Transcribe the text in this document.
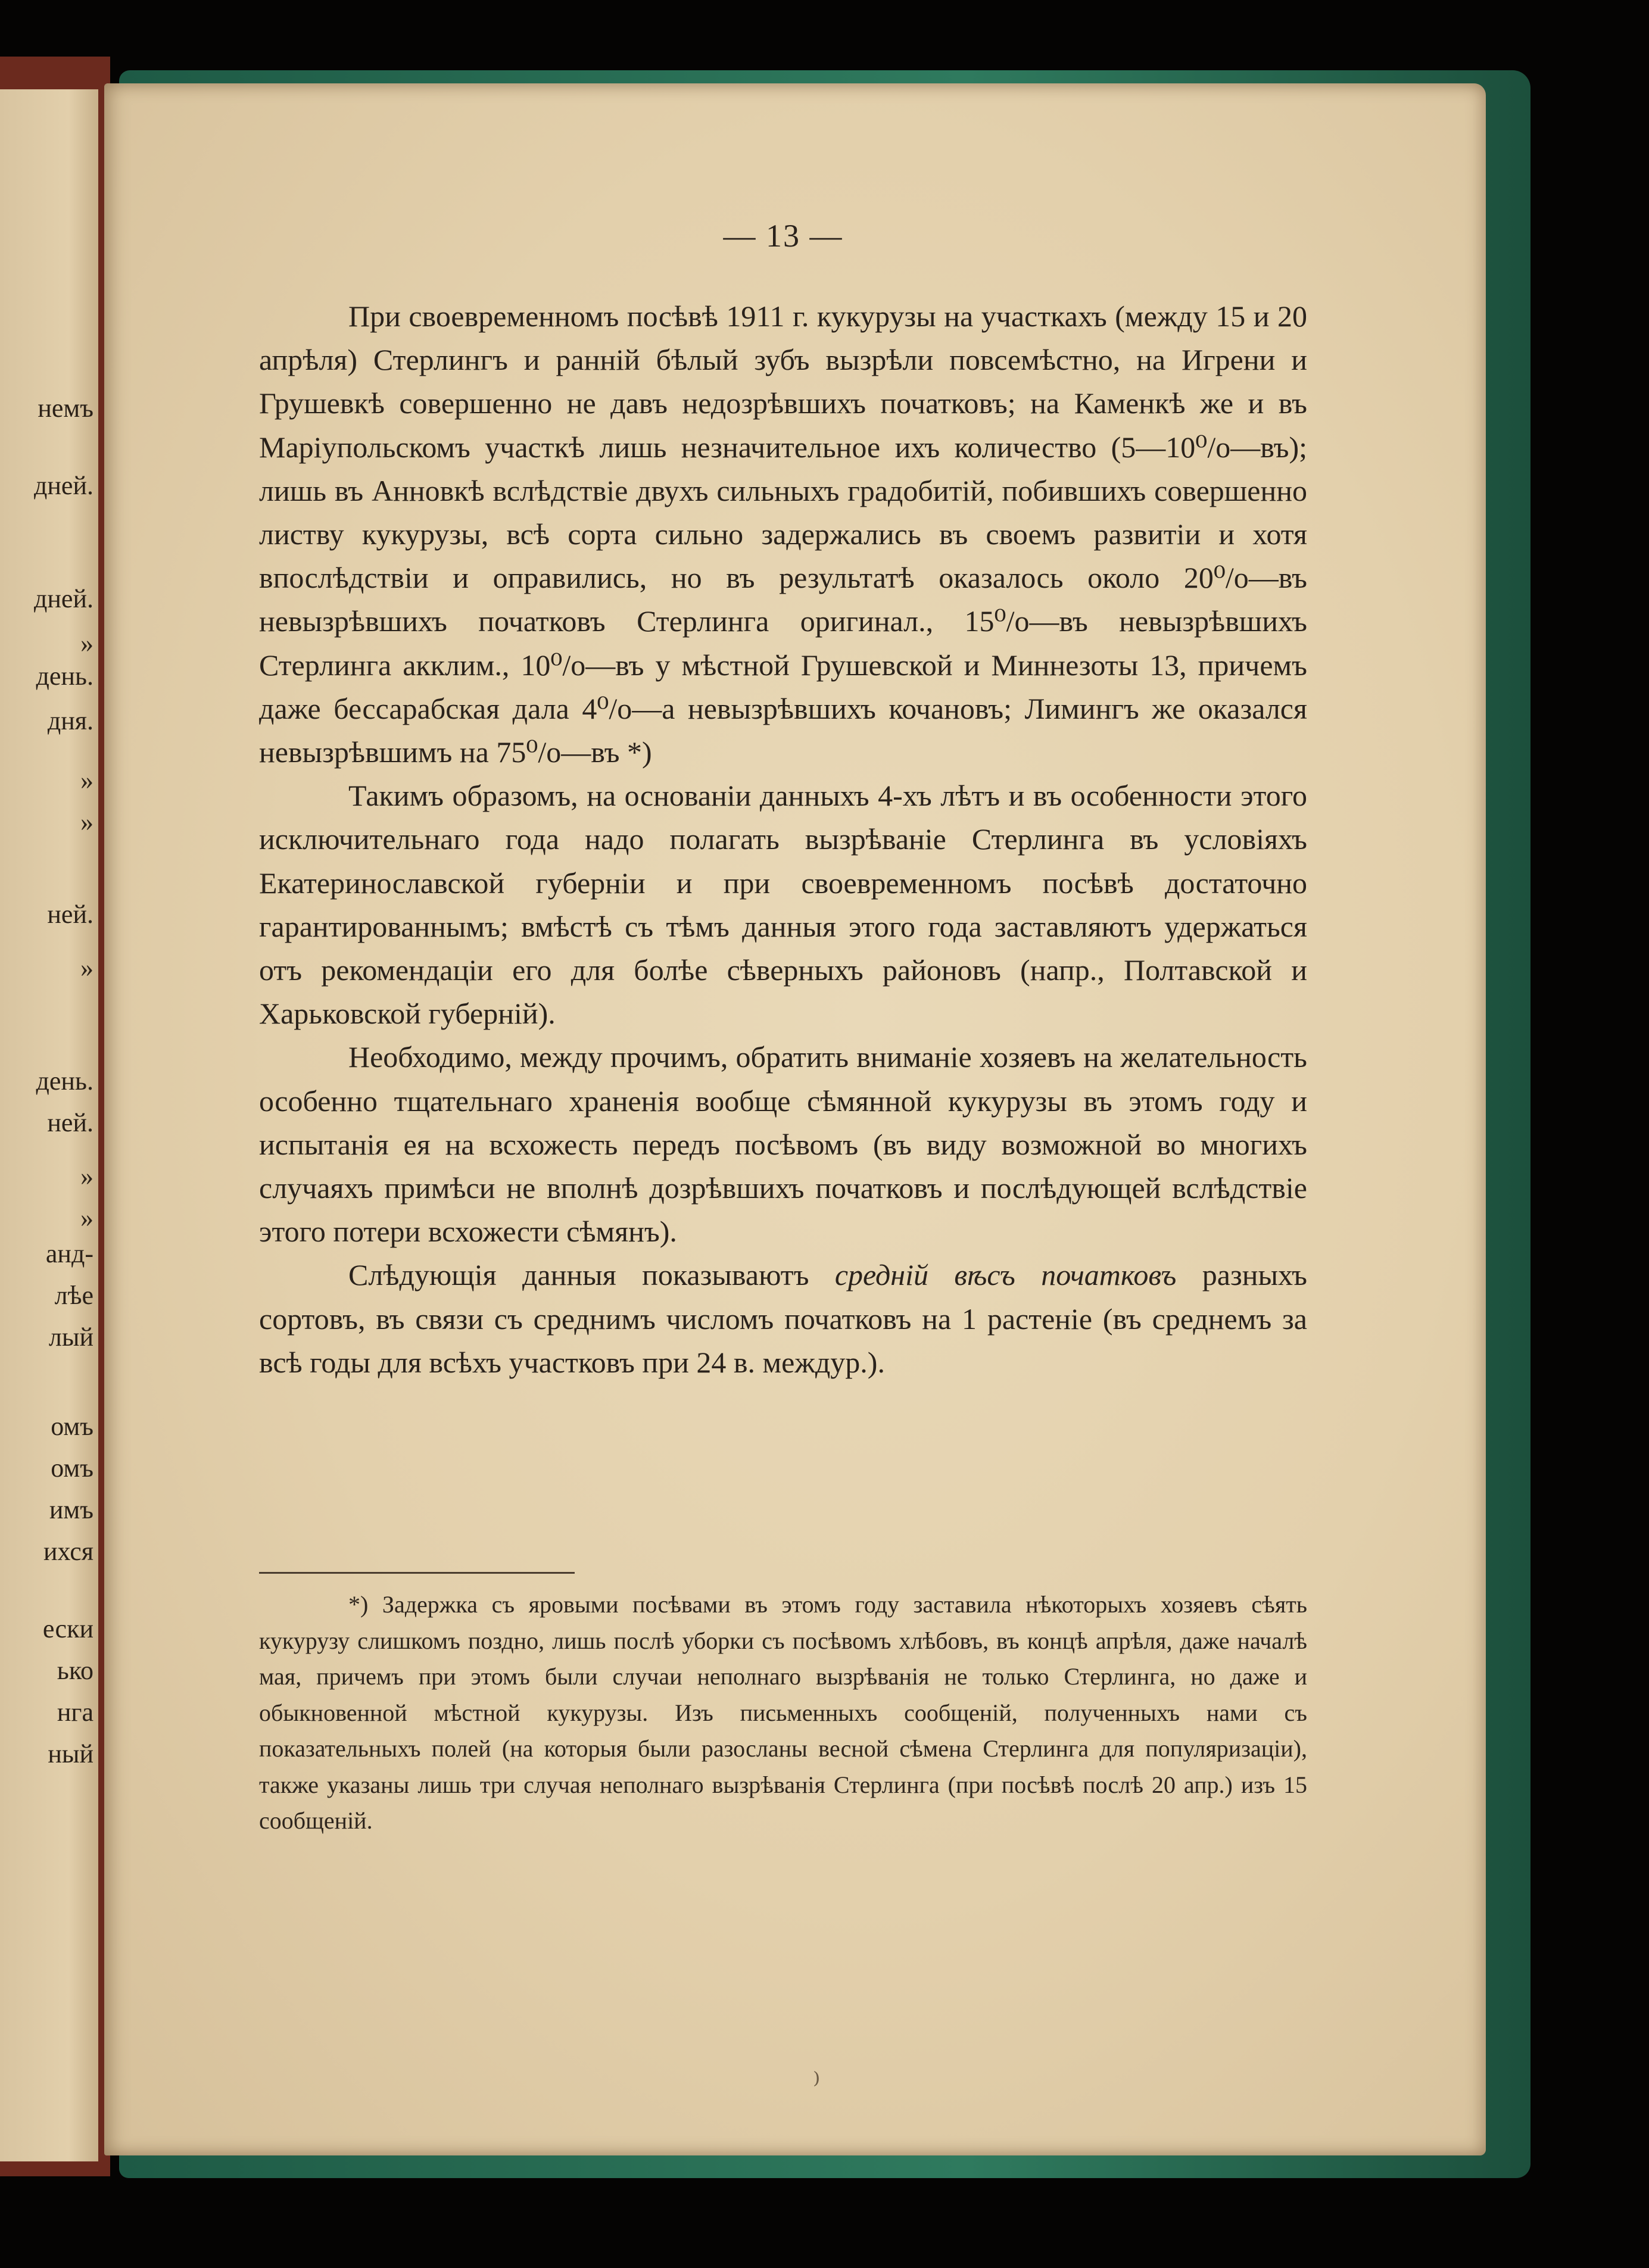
немъ
дней.
дней.
»
день.
дня.
»
»
ней.
»
день.
ней.
»
»
анд-
лѣе
лый
омъ
омъ
имъ
ихся
ески
ько
нга
ный
— 13 —

При своевременномъ посѣвѣ 1911 г. кукурузы на участкахъ (между 15 и 20 апрѣля) Стерлингъ и раннiй бѣлый зубъ вызрѣли повсемѣстно, на Игрени и Грушевкѣ совершенно не давъ недозрѣвшихъ початковъ; на Каменкѣ же и въ Марiупольскомъ участкѣ лишь незначительное ихъ количество (5—10⁰/о—въ); лишь въ Анновкѣ вслѣдствiе двухъ сильныхъ градобитiй, побившихъ совершенно листву кукурузы, всѣ сорта сильно задержались въ своемъ развитiи и хотя впослѣдствiи и оправились, но въ результатѣ оказалось около 20⁰/о—въ невызрѣвшихъ початковъ Стерлинга оригинал., 15⁰/о—въ невызрѣвшихъ Стерлинга акклим., 10⁰/о—въ у мѣстной Грушевской и Миннезоты 13, причемъ даже бессарабская дала 4⁰/о—а невызрѣвшихъ кочановъ; Лимингъ же оказался невызрѣвшимъ на 75⁰/о—въ *)

Такимъ образомъ, на основанiи данныхъ 4-хъ лѣтъ и въ особенности этого исключительнаго года надо полагать вызрѣванiе Стерлинга въ условiяхъ Екатеринославской губернiи и при своевременномъ посѣвѣ достаточно гарантированнымъ; вмѣстѣ съ тѣмъ данныя этого года заставляютъ удержаться отъ рекомендацiи его для болѣе сѣверныхъ районовъ (напр., Полтавской и Харьковской губернiй).

Необходимо, между прочимъ, обратить вниманiе хозяевъ на желательность особенно тщательнаго храненiя вообще сѣмянной кукурузы въ этомъ году и испытанiя ея на всхожесть передъ посѣвомъ (въ виду возможной во многихъ случаяхъ примѣси не вполнѣ дозрѣвшихъ початковъ и послѣдующей вслѣдствiе этого потери всхожести сѣмянъ).

Слѣдующiя данныя показываютъ средній вѣсъ початковъ разныхъ сортовъ, въ связи съ среднимъ числомъ початковъ на 1 растенiе (въ среднемъ за всѣ годы для всѣхъ участковъ при 24 в. междур.).

*) Задержка съ яровыми посѣвами въ этомъ году заставила нѣкоторыхъ хозяевъ сѣять кукурузу слишкомъ поздно, лишь послѣ уборки съ посѣвомъ хлѣбовъ, въ концѣ апрѣля, даже началѣ мая, причемъ при этомъ были случаи неполнаго вызрѣванiя не только Стерлинга, но даже и обыкновенной мѣстной кукурузы. Изъ письменныхъ сообщенiй, полученныхъ нами съ показательныхъ полей (на которыя были разосланы весной сѣмена Стерлинга для популяризацiи), также указаны лишь три случая неполнаго вызрѣванiя Стерлинга (при посѣвѣ послѣ 20 апр.) изъ 15 сообщенiй.

⁾
